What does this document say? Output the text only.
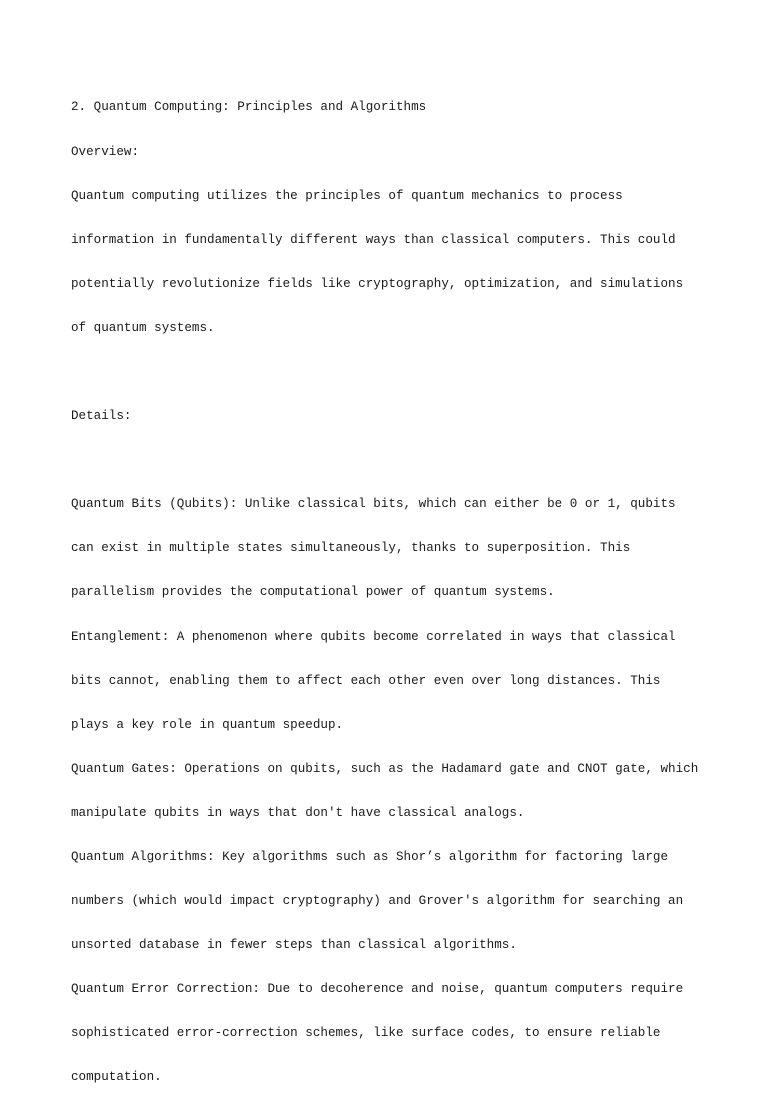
2. Quantum Computing: Principles and Algorithms

Overview:

Quantum computing utilizes the principles of quantum mechanics to process

information in fundamentally different ways than classical computers. This could

potentially revolutionize fields like cryptography, optimization, and simulations

of quantum systems.

Details:

Quantum Bits (Qubits): Unlike classical bits, which can either be 0 or 1, qubits

can exist in multiple states simultaneously, thanks to superposition. This

parallelism provides the computational power of quantum systems.

Entanglement: A phenomenon where qubits become correlated in ways that classical

bits cannot, enabling them to affect each other even over long distances. This

plays a key role in quantum speedup.

Quantum Gates: Operations on qubits, such as the Hadamard gate and CNOT gate, which

manipulate qubits in ways that don't have classical analogs.

Quantum Algorithms: Key algorithms such as Shor’s algorithm for factoring large

numbers (which would impact cryptography) and Grover's algorithm for searching an

unsorted database in fewer steps than classical algorithms.

Quantum Error Correction: Due to decoherence and noise, quantum computers require

sophisticated error-correction schemes, like surface codes, to ensure reliable

computation.
